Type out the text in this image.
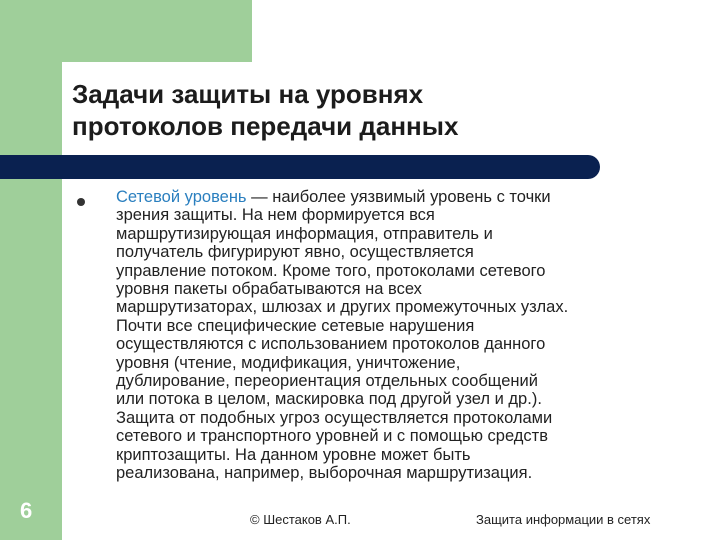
Задачи защиты на уровнях
протоколов передачи данных
Сетевой уровень — наиболее уязвимый уровень с точки
зрения защиты. На нем формируется вся
маршрутизирующая информация, отправитель и
получатель фигурируют явно, осуществляется
управление потоком. Кроме того, протоколами сетевого
уровня пакеты обрабатываются на всех
маршрутизаторах, шлюзах и других промежуточных узлах.
Почти все специфические сетевые нарушения
осуществляются с использованием протоколов данного
уровня (чтение, модификация, уничтожение,
дублирование, переориентация отдельных сообщений
или потока в целом, маскировка под другой узел и др.).
Защита от подобных угроз осуществляется протоколами
сетевого и транспортного уровней и с помощью средств
криптозащиты. На данном уровне может быть
реализована, например, выборочная маршрутизация.
6	© Шестаков А.П.	Защита информации в сетях
